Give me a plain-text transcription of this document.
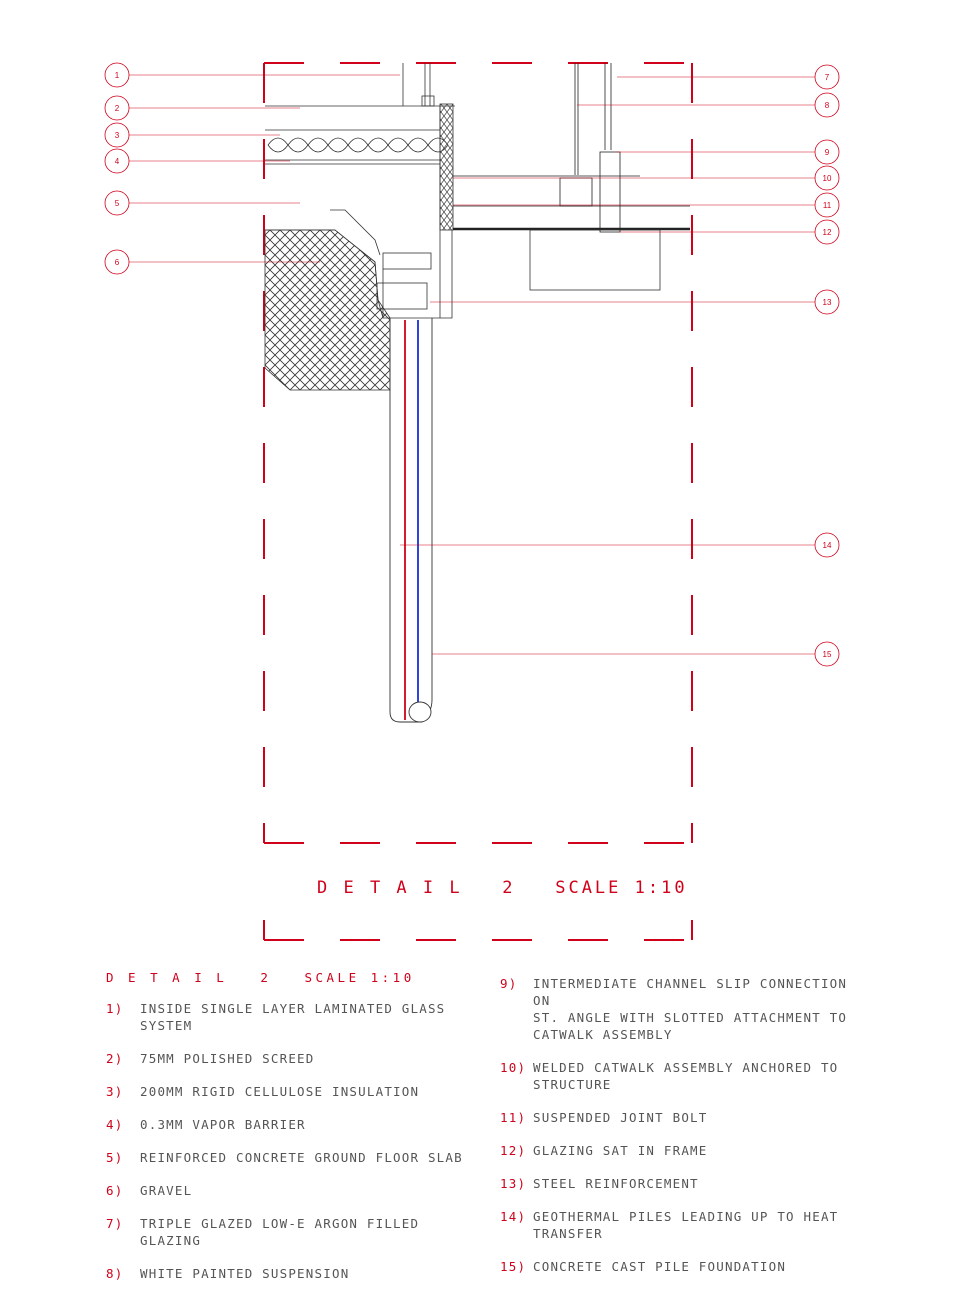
1
2
3
4
5
6
7
8
9
10
11
12
13
14
15
D E T A I L   2   SCALE 1:10
D E T A I L   2   SCALE 1:10
1)	INSIDE SINGLE LAYER LAMINATED GLASS
SYSTEM
2)	75MM POLISHED SCREED
3)	200MM RIGID CELLULOSE INSULATION
4)	0.3MM VAPOR BARRIER
5)	REINFORCED CONCRETE GROUND FLOOR SLAB
6)	GRAVEL
7)	TRIPLE GLAZED LOW-E ARGON FILLED GLAZING
8)	WHITE PAINTED SUSPENSION
9)	INTERMEDIATE CHANNEL SLIP CONNECTION ON
ST. ANGLE WITH SLOTTED ATTACHMENT TO
CATWALK ASSEMBLY
10) WELDED CATWALK ASSEMBLY ANCHORED TO
STRUCTURE
11) SUSPENDED JOINT BOLT
12) GLAZING SAT IN FRAME
13) STEEL REINFORCEMENT
14) GEOTHERMAL PILES LEADING UP TO HEAT
TRANSFER
15) CONCRETE CAST PILE FOUNDATION
